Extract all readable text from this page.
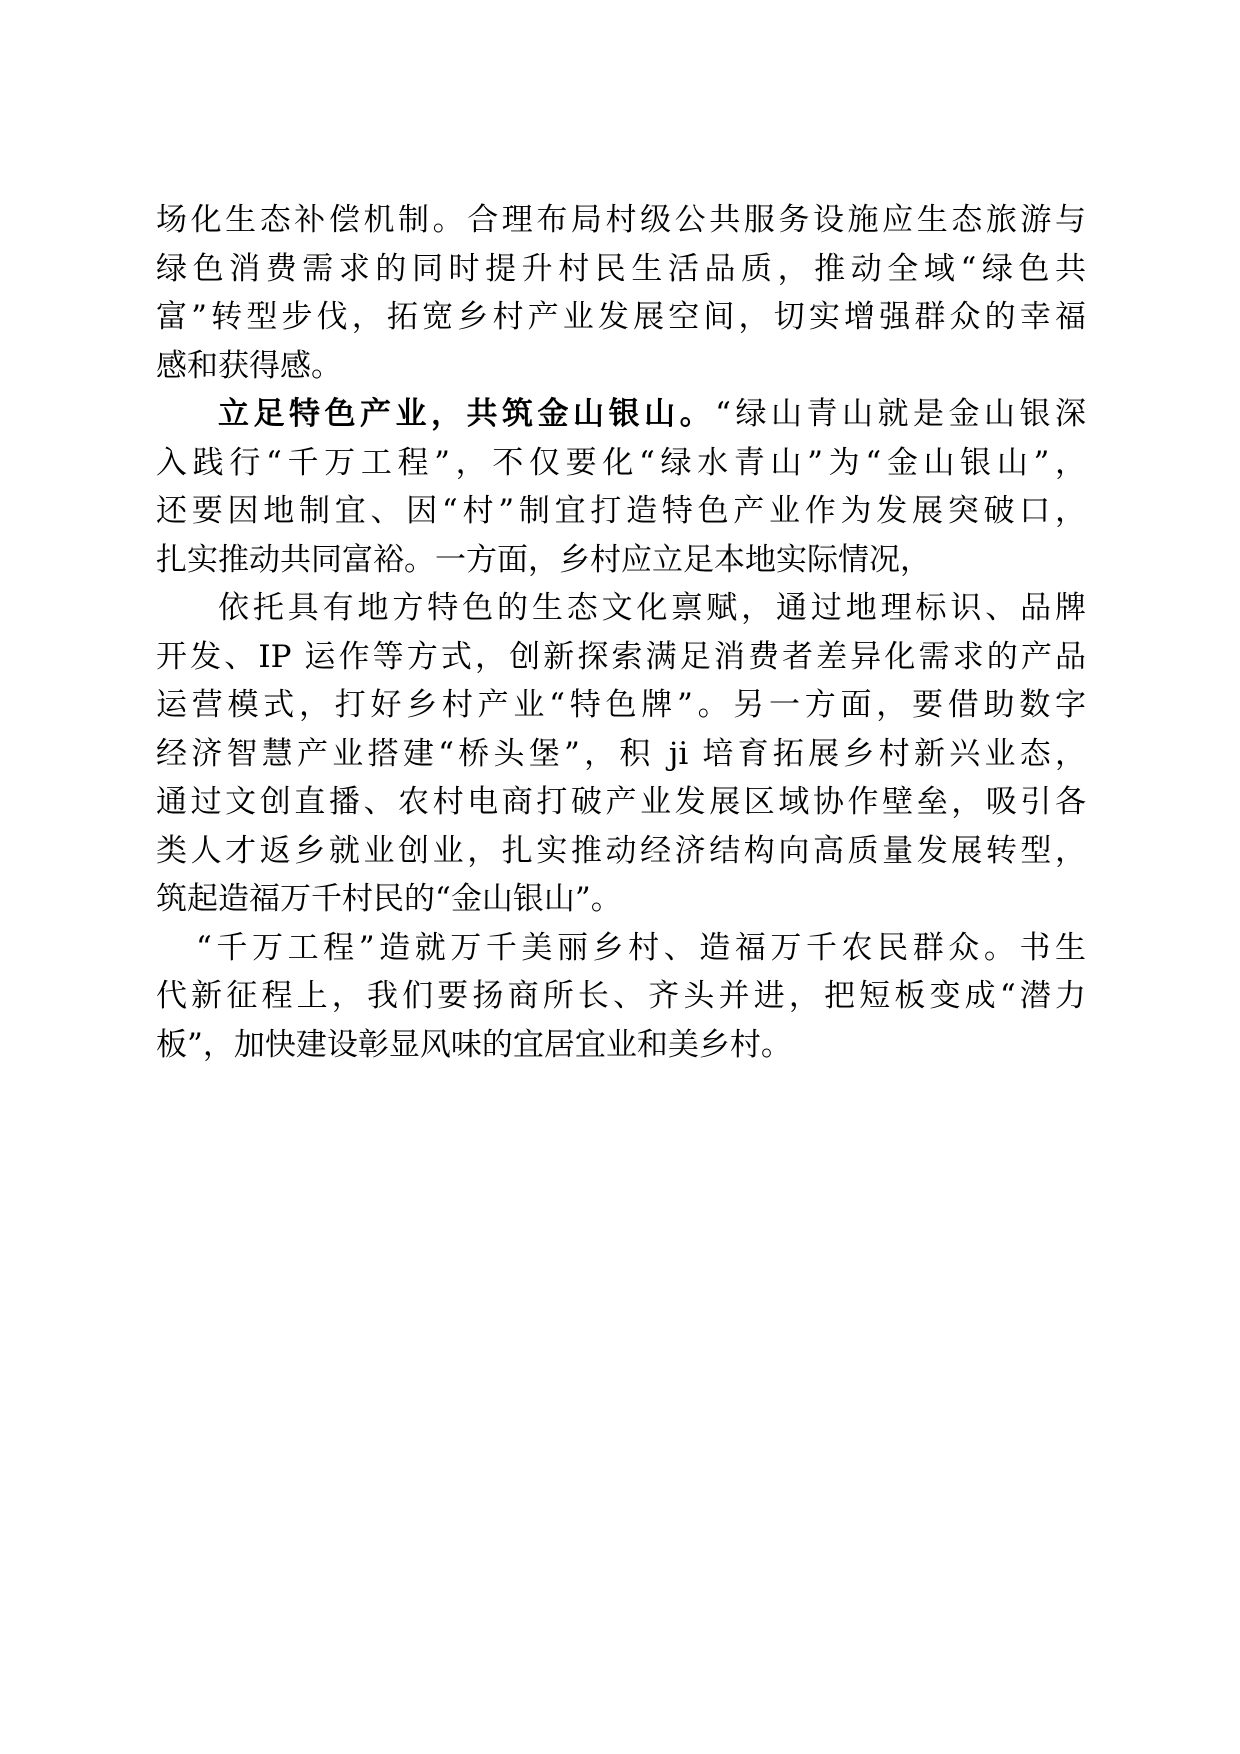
场化生态补偿机制。合理布局村级公共服务设施应生态旅游与
绿色消费需求的同时提升村民生活品质，推动全域“绿色共
富”转型步伐，拓宽乡村产业发展空间，切实增强群众的幸福
感和获得感。
立足特色产业，共筑金山银山。“绿山青山就是金山银深
入践行“千万工程”，不仅要化“绿水青山”为“金山银山”，
还要因地制宜、因“村”制宜打造特色产业作为发展突破口，
扎实推动共同富裕。一方面，乡村应立足本地实际情况，
依托具有地方特色的生态文化禀赋，通过地理标识、品牌
开发、IP 运作等方式，创新探索满足消费者差异化需求的产品
运营模式，打好乡村产业“特色牌”。另一方面，要借助数字
经济智慧产业搭建“桥头堡”，积 ji 培育拓展乡村新兴业态，
通过文创直播、农村电商打破产业发展区域协作壁垒，吸引各
类人才返乡就业创业，扎实推动经济结构向高质量发展转型，
筑起造福万千村民的“金山银山”。
“千万工程”造就万千美丽乡村、造福万千农民群众。书生
代新征程上，我们要扬商所长、齐头并进，把短板变成“潜力
板”，加快建设彰显风味的宜居宜业和美乡村。
